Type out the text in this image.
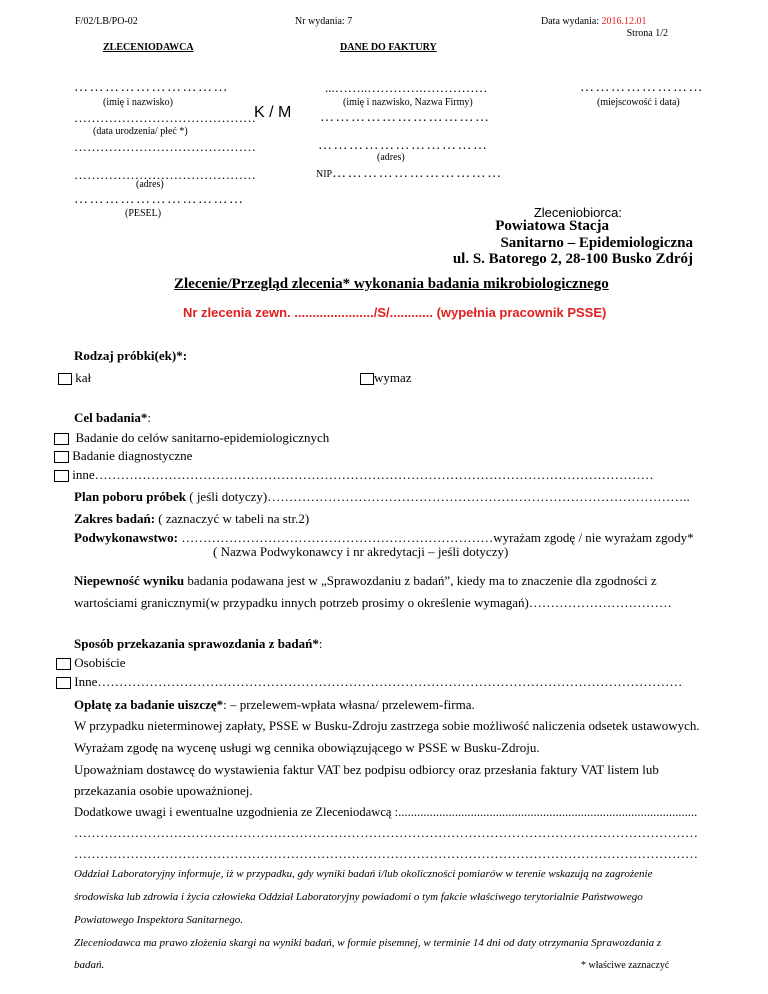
F/02/LB/PO-02	Nr wydania: 7	Data wydania: 2016.12.01
Strona 1/2
ZLECENIODAWCA	DANE DO FAKTURY
…………………………
(imię i nazwisko)
……………………………………
(data urodzenia/ płeć *)
……………………………………
……………………………………
(adres)
……………………………
(PESEL)
K / M
...……..………….……………
(imię i nazwisko, Nazwa Firmy)
……………………………
……………………………
(adres)
NIP……………………………
……………………
(miejscowość i data)
Zleceniobiorca:
Powiatowa Stacja
Sanitarno – Epidemiologiczna
ul. S. Batorego 2, 28-100 Busko Zdrój
Zlecenie/Przegląd zlecenia* wykonania badania mikrobiologicznego
Nr zlecenia zewn. ....................../S/............ (wypełnia pracownik PSSE)
Rodzaj próbki(ek)*:
kał	wymaz
Cel badania*:
Badanie do celów sanitarno-epidemiologicznych
Badanie diagnostyczne
inne…………………………………………………………………………………………………………………
Plan poboru próbek ( jeśli dotyczy)……………………………………………………………………………………..
Zakres badań: ( zaznaczyć w tabeli na str.2)
Podwykonawstwo: ………………………………………………………………wyrażam zgodę / nie wyrażam zgody*
( Nazwa Podwykonawcy i nr akredytacji – jeśli dotyczy)
Niepewność wyniku badania podawana jest w „Sprawozdaniu z badań”, kiedy ma to znaczenie dla zgodności z
wartościami granicznymi(w przypadku innych potrzeb prosimy o określenie wymagań)……………………………
Sposób przekazania sprawozdania z badań*:
Osobiście
Inne………………………………………………………………………………………………………………………
Opłatę za badanie uiszczę*: – przelewem-wpłata własna/ przelewem-firma.
W przypadku nieterminowej zapłaty, PSSE w Busku-Zdroju zastrzega sobie możliwość naliczenia odsetek ustawowych.
Wyrażam zgodę na wycenę usługi wg cennika obowiązującego w PSSE w Busku-Zdroju.
Upoważniam dostawcę do wystawienia faktur VAT bez podpisu odbiorcy oraz przesłania faktury VAT listem lub
przekazania osobie upoważnionej.
Dodatkowe uwagi i ewentualne uzgodnienia ze Zleceniodawcą :...............................................................................................
………………………………………………………………………………………………………………………………
………………………………………………………………………………………………………………………………
Oddział Laboratoryjny informuje, iż w przypadku, gdy wyniki badań i/lub okoliczności pomiarów w terenie wskazują na zagrożenie
środowiska lub zdrowia i życia człowieka Oddział Laboratoryjny powiadomi o tym fakcie właściwego terytorialnie Państwowego
Powiatowego Inspektora Sanitarnego.
Zleceniodawca ma prawo złożenia skargi na wyniki badań, w formie pisemnej, w terminie 14 dni od daty otrzymania Sprawozdania z
badań.	* właściwe zaznaczyć
